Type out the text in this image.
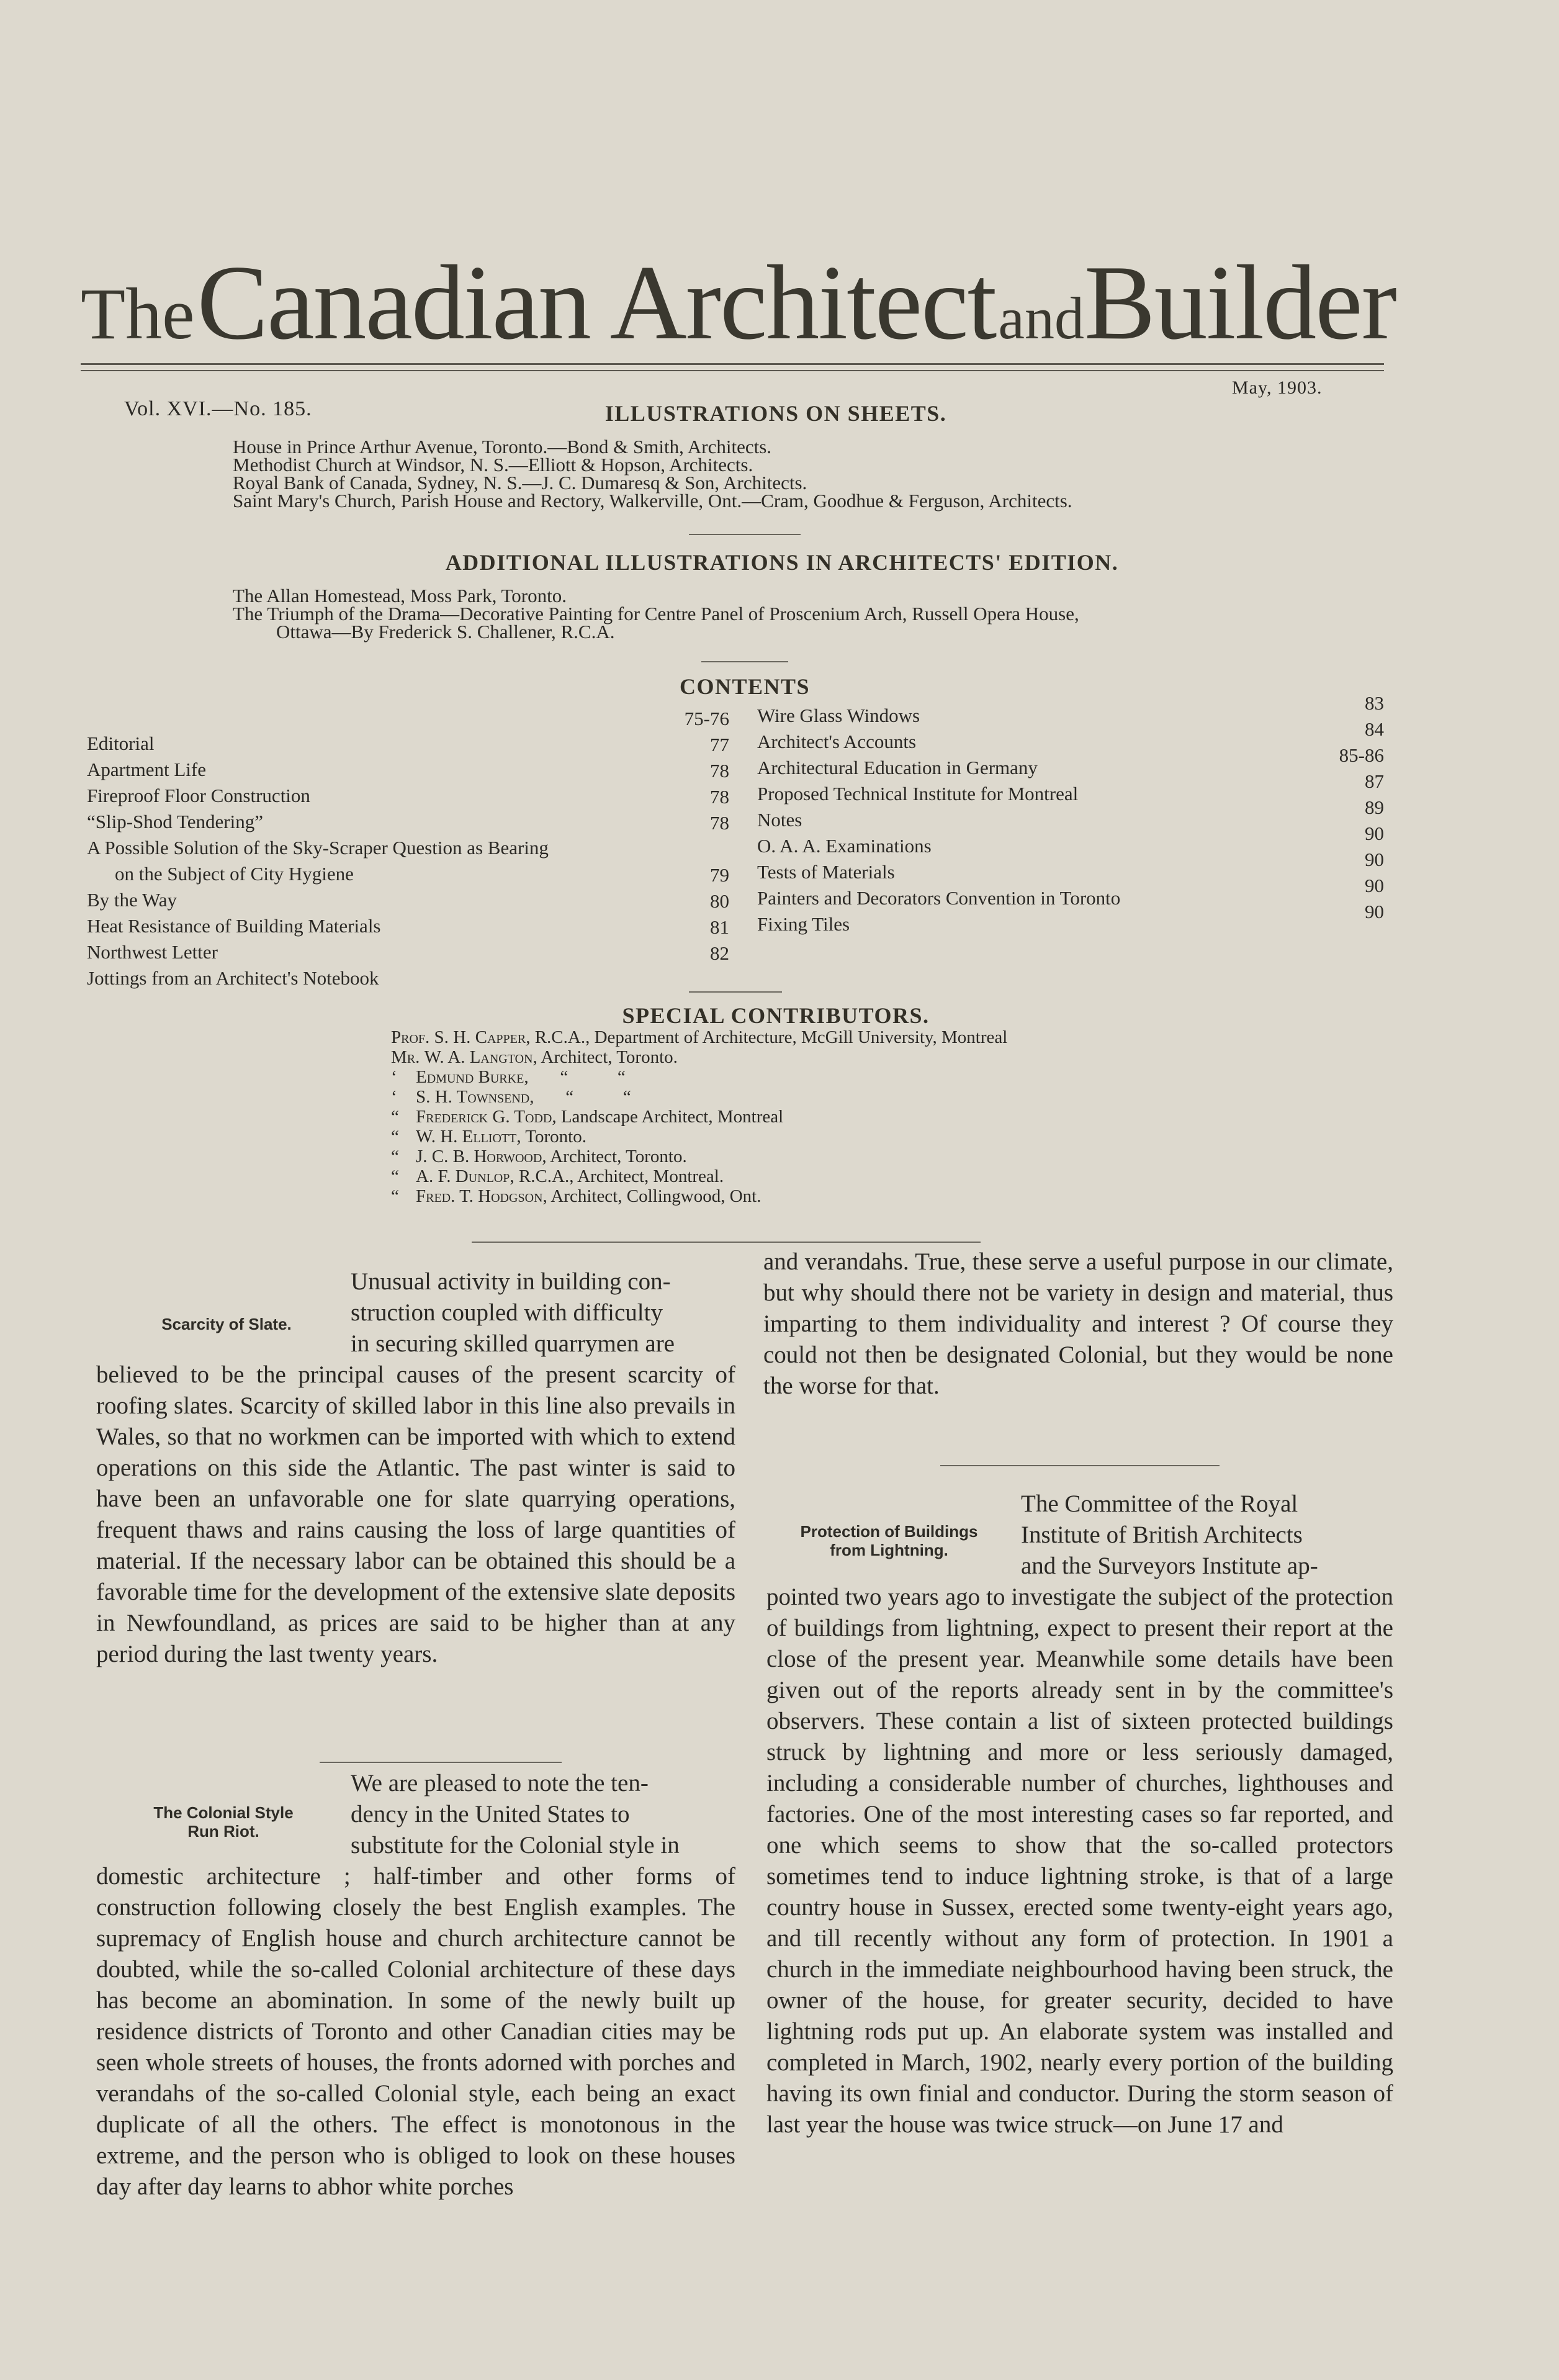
The Canadian Architect andBuilder
Vol. XVI.—No. 185.
May, 1903.
ILLUSTRATIONS ON SHEETS.

House in Prince Arthur Avenue, Toronto.—Bond & Smith, Architects.

Methodist Church at Windsor, N. S.—Elliott & Hopson, Architects.

Royal Bank of Canada, Sydney, N. S.—J. C. Dumaresq & Son, Architects.

Saint Mary's Church, Parish House and Rectory, Walkerville, Ont.—Cram, Goodhue & Ferguson, Architects.

ADDITIONAL ILLUSTRATIONS IN ARCHITECTS' EDITION.

The Allan Homestead, Moss Park, Toronto.

The Triumph of the Drama—Decorative Painting for Centre Panel of Proscenium Arch, Russell Opera House,

Ottawa—By Frederick S. Challener, R.C.A.

CONTENTS
75-76
77
78
78
78
79
80
81
82
Editorial
Apartment Life
Fireproof Floor Construction
“Slip-Shod Tendering”
A Possible Solution of the Sky-Scraper Question as Bearing
on the Subject of City Hygiene
By the Way
Heat Resistance of Building Materials
Northwest Letter
Jottings from an Architect's Notebook
Wire Glass Windows
Architect's Accounts
Architectural Education in Germany
Proposed Technical Institute for Montreal
Notes
O. A. A. Examinations
Tests of Materials
Painters and Decorators Convention in Toronto
Fixing Tiles
83
84
85-86
87
89
90
90
90
90
SPECIAL CONTRIBUTORS.
Prof. S. H. Capper, R.C.A., Department of Architecture, McGill University, Montreal
Mr. W. A. Langton, Architect, Toronto.
‘ Edmund Burke,       “           “
‘ S. H. Townsend,       “           “
“ Frederick G. Todd, Landscape Architect, Montreal
“ W. H. Elliott, Toronto.
“ J. C. B. Horwood, Architect, Toronto.
“ A. F. Dunlop, R.C.A., Architect, Montreal.
“ Fred. T. Hodgson, Architect, Collingwood, Ont.
Scarcity of Slate.

Unusual activity in building con-

struction coupled with difficulty

in securing skilled quarrymen are

believed to be the principal causes of the present scarcity of roofing slates. Scarcity of skilled labor in this line also prevails in Wales, so that no workmen can be imported with which to extend operations on this side the Atlantic. The past winter is said to have been an unfavorable one for slate quarrying operations, frequent thaws and rains causing the loss of large quantities of material. If the necessary labor can be obtained this should be a favorable time for the development of the extensive slate deposits in Newfoundland, as prices are said to be higher than at any period during the last twenty years.

The Colonial Style
Run Riot.

We are pleased to note the ten-

dency in the United States to

substitute for the Colonial style in

domestic architecture ; half-timber and other forms of construction following closely the best English examples. The supremacy of English house and church architecture cannot be doubted, while the so-called Colonial architecture of these days has become an abomination. In some of the newly built up residence districts of Toronto and other Canadian cities may be seen whole streets of houses, the fronts adorned with porches and verandahs of the so-called Colonial style, each being an exact duplicate of all the others. The effect is monotonous in the extreme, and the person who is obliged to look on these houses day after day learns to abhor white porches

and verandahs. True, these serve a useful purpose in our climate, but why should there not be variety in design and material, thus imparting to them individuality and interest ? Of course they could not then be designated Colonial, but they would be none the worse for that.

Protection of Buildings
from Lightning.

The Committee of the Royal

Institute of British Architects

and the Surveyors Institute ap-

pointed two years ago to investigate the subject of the protection of buildings from lightning, expect to present their report at the close of the present year. Meanwhile some details have been given out of the reports already sent in by the committee's observers. These contain a list of sixteen protected buildings struck by lightning and more or less seriously damaged, including a considerable number of churches, lighthouses and factories. One of the most interesting cases so far reported, and one which seems to show that the so-called protectors sometimes tend to induce lightning stroke, is that of a large country house in Sussex, erected some twenty-eight years ago, and till recently without any form of protection. In 1901 a church in the immediate neighbourhood having been struck, the owner of the house, for greater security, decided to have lightning rods put up. An elaborate system was installed and completed in March, 1902, nearly every portion of the building having its own finial and conductor. During the storm season of last year the house was twice struck—on June 17 and
